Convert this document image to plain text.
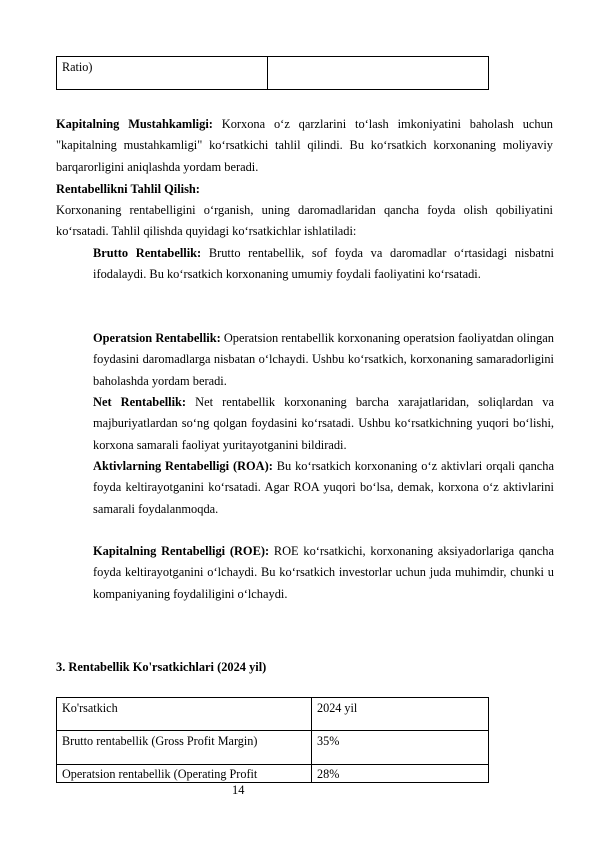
Ratio)	
Kapitalning Mustahkamligi: Korxona o‘z qarzlarini to‘lash imkoniyatini baholash uchun "kapitalning mustahkamligi" ko‘rsatkichi tahlil qilindi. Bu ko‘rsatkich korxonaning moliyaviy barqarorligini aniqlashda yordam beradi.
Rentabellikni Tahlil Qilish:
Korxonaning rentabelligini o‘rganish, uning daromadlaridan qancha foyda olish qobiliyatini ko‘rsatadi. Tahlil qilishda quyidagi ko‘rsatkichlar ishlatiladi:
Brutto Rentabellik: Brutto rentabellik, sof foyda va daromadlar o‘rtasidagi nisbatni ifodalaydi. Bu ko‘rsatkich korxonaning umumiy foydali faoliyatini ko‘rsatadi.
Operatsion Rentabellik: Operatsion rentabellik korxonaning operatsion faoliyatdan olingan foydasini daromadlarga nisbatan o‘lchaydi. Ushbu ko‘rsatkich, korxonaning samaradorligini baholashda yordam beradi.
Net Rentabellik: Net rentabellik korxonaning barcha xarajatlaridan, soliqlardan va majburiyatlardan so‘ng qolgan foydasini ko‘rsatadi. Ushbu ko‘rsatkichning yuqori bo‘lishi, korxona samarali faoliyat yuritayotganini bildiradi.
Aktivlarning Rentabelligi (ROA): Bu ko‘rsatkich korxonaning o‘z aktivlari orqali qancha foyda keltirayotganini ko‘rsatadi. Agar ROA yuqori bo‘lsa, demak, korxona o‘z aktivlarini samarali foydalanmoqda.
Kapitalning Rentabelligi (ROE): ROE ko‘rsatkichi, korxonaning aksiyadorlariga qancha foyda keltirayotganini o‘lchaydi. Bu ko‘rsatkich investorlar uchun juda muhimdir, chunki u kompaniyaning foydaliligini o‘lchaydi.
3. Rentabellik Ko'rsatkichlari (2024 yil)
Ko'rsatkich	2024 yil
Brutto rentabellik (Gross Profit Margin)	35%
Operatsion rentabellik (Operating Profit	28%
14
